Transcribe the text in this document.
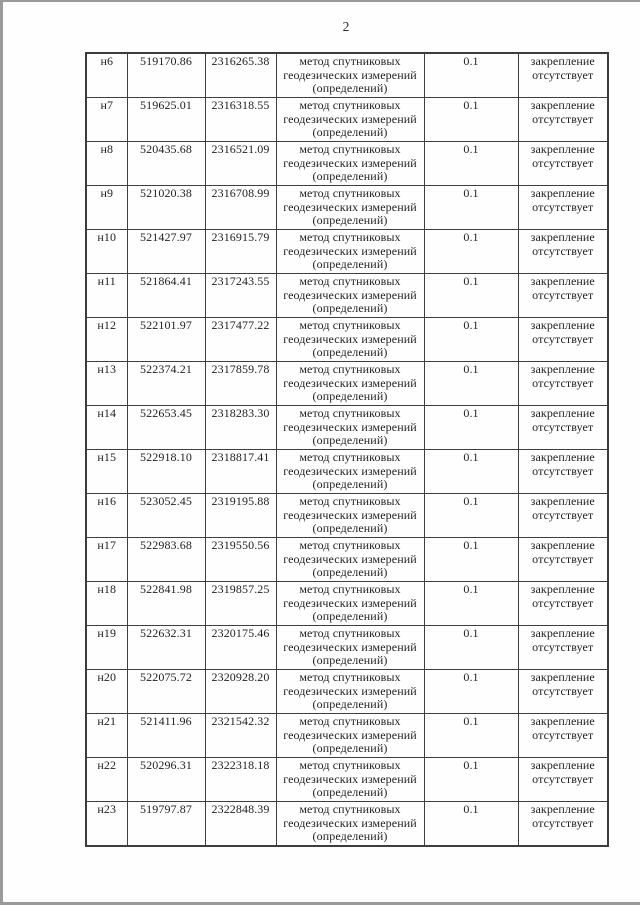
2
н6	519170.86	2316265.38	метод спутниковых геодезических измерений (определений)	0.1	закрепление отсутствует
н7	519625.01	2316318.55	метод спутниковых геодезических измерений (определений)	0.1	закрепление отсутствует
н8	520435.68	2316521.09	метод спутниковых геодезических измерений (определений)	0.1	закрепление отсутствует
н9	521020.38	2316708.99	метод спутниковых геодезических измерений (определений)	0.1	закрепление отсутствует
н10	521427.97	2316915.79	метод спутниковых геодезических измерений (определений)	0.1	закрепление отсутствует
н11	521864.41	2317243.55	метод спутниковых геодезических измерений (определений)	0.1	закрепление отсутствует
н12	522101.97	2317477.22	метод спутниковых геодезических измерений (определений)	0.1	закрепление отсутствует
н13	522374.21	2317859.78	метод спутниковых геодезических измерений (определений)	0.1	закрепление отсутствует
н14	522653.45	2318283.30	метод спутниковых геодезических измерений (определений)	0.1	закрепление отсутствует
н15	522918.10	2318817.41	метод спутниковых геодезических измерений (определений)	0.1	закрепление отсутствует
н16	523052.45	2319195.88	метод спутниковых геодезических измерений (определений)	0.1	закрепление отсутствует
н17	522983.68	2319550.56	метод спутниковых геодезических измерений (определений)	0.1	закрепление отсутствует
н18	522841.98	2319857.25	метод спутниковых геодезических измерений (определений)	0.1	закрепление отсутствует
н19	522632.31	2320175.46	метод спутниковых геодезических измерений (определений)	0.1	закрепление отсутствует
н20	522075.72	2320928.20	метод спутниковых геодезических измерений (определений)	0.1	закрепление отсутствует
н21	521411.96	2321542.32	метод спутниковых геодезических измерений (определений)	0.1	закрепление отсутствует
н22	520296.31	2322318.18	метод спутниковых геодезических измерений (определений)	0.1	закрепление отсутствует
н23	519797.87	2322848.39	метод спутниковых геодезических измерений (определений)	0.1	закрепление отсутствует
